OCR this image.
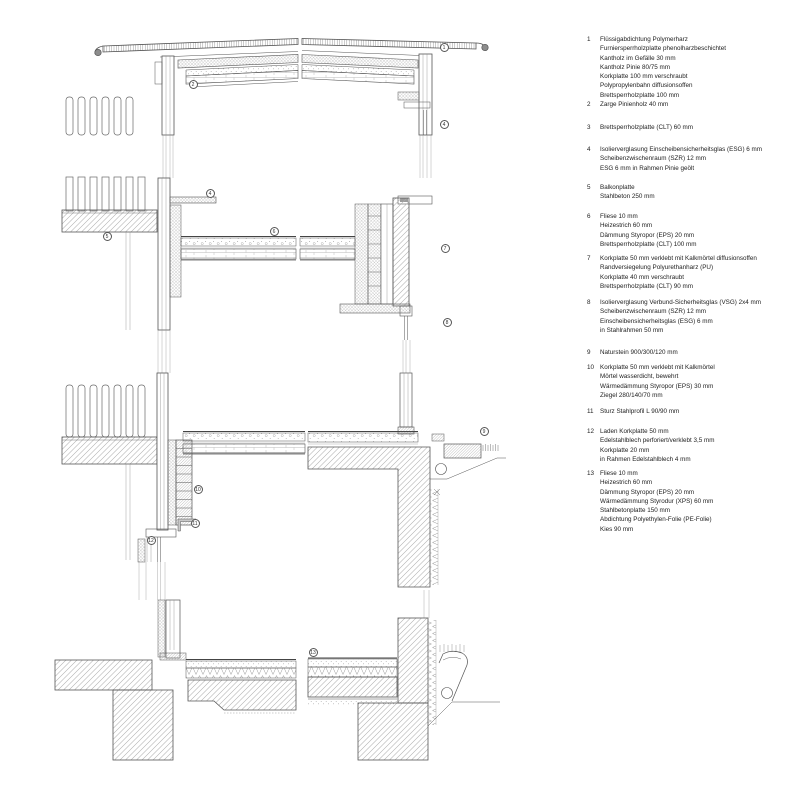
1
2
4
4
5
6
7
8
9
10
11
12
13
1	Flüssigabdichtung Polymerharz
Furniersperrholzplatte phenolharzbeschichtet
Kantholz im Gefälle 30 mm
Kantholz Pinie 80/75 mm
Korkplatte 100 mm verschraubt
Polypropylenbahn diffusionsoffen
Brettsperrholzplatte 100 mm
2	Zarge Pinienholz 40 mm
3	Brettsperrholzplatte (CLT) 60 mm
4	Isolierverglasung Einscheibensicherheitsglas (ESG) 6 mm
Scheibenzwischenraum (SZR) 12 mm
ESG 6 mm in Rahmen Pinie geölt
5	Balkonplatte
Stahlbeton 250 mm
6	Fliese 10 mm
Heizestrich 60 mm
Dämmung Styropor (EPS) 20 mm
Brettsperrholzplatte (CLT) 100 mm
7	Korkplatte 50 mm verklebt mit Kalkmörtel diffusionsoffen
Randversiegelung Polyurethanharz (PU)
Korkplatte 40 mm verschraubt
Brettsperrholzplatte (CLT) 90 mm
8	Isolierverglasung Verbund-Sicherheitsglas (VSG) 2x4 mm
Scheibenzwischenraum (SZR) 12 mm
Einscheibensicherheitsglas (ESG) 6 mm
in Stahlrahmen 50 mm
9	Naturstein 900/300/120 mm
10 Korkplatte 50 mm verklebt mit Kalkmörtel
Mörtel wasserdicht, bewehrt
Wärmedämmung Styropor (EPS) 30 mm
Ziegel 280/140/70 mm
11	Sturz Stahlprofil L 90/90 mm
12 Laden Korkplatte 50 mm
Edelstahlblech perforiert/verklebt 3,5 mm
Korkplatte 20 mm
in Rahmen Edelstahlblech 4 mm
13 Fliese 10 mm
Heizestrich 60 mm
Dämmung Styropor (EPS) 20 mm
Wärmedämmung Styrodur (XPS) 60 mm
Stahlbetonplatte 150 mm
Abdichtung Polyethylen-Folie (PE-Folie)
Kies 90 mm
